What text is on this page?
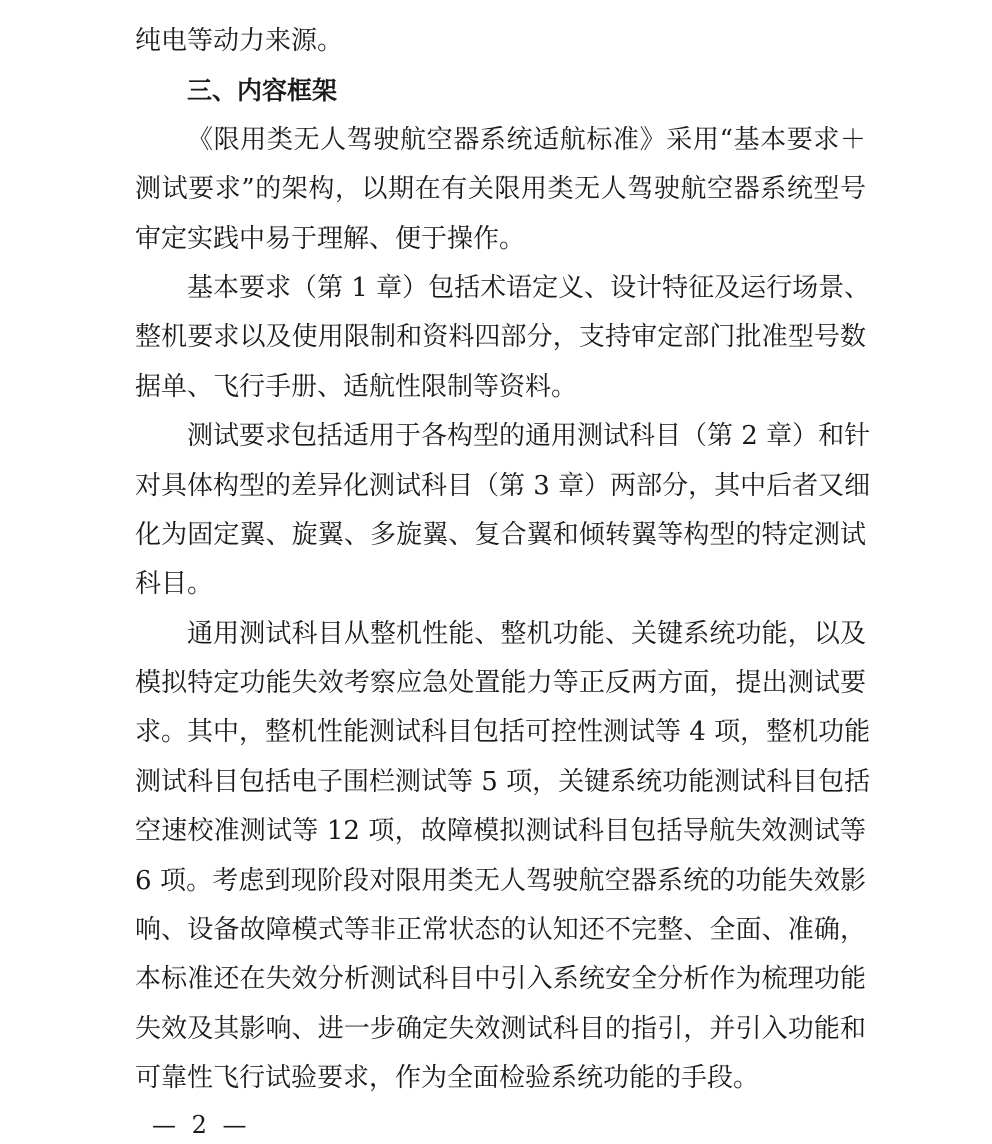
纯电等动力来源。
三、内容框架
《限用类无人驾驶航空器系统适航标准》采用“基本要求＋
测试要求”的架构，以期在有关限用类无人驾驶航空器系统型号
审定实践中易于理解、便于操作。
基本要求（第 1 章）包括术语定义、设计特征及运行场景、
整机要求以及使用限制和资料四部分，支持审定部门批准型号数
据单、飞行手册、适航性限制等资料。
测试要求包括适用于各构型的通用测试科目（第 2 章）和针
对具体构型的差异化测试科目（第 3 章）两部分，其中后者又细
化为固定翼、旋翼、多旋翼、复合翼和倾转翼等构型的特定测试
科目。
通用测试科目从整机性能、整机功能、关键系统功能，以及
模拟特定功能失效考察应急处置能力等正反两方面，提出测试要
求。其中，整机性能测试科目包括可控性测试等 4 项，整机功能
测试科目包括电子围栏测试等 5 项，关键系统功能测试科目包括
空速校准测试等 12 项，故障模拟测试科目包括导航失效测试等
6 项。考虑到现阶段对限用类无人驾驶航空器系统的功能失效影
响、设备故障模式等非正常状态的认知还不完整、全面、准确，
本标准还在失效分析测试科目中引入系统安全分析作为梳理功能
失效及其影响、进一步确定失效测试科目的指引，并引入功能和
可靠性飞行试验要求，作为全面检验系统功能的手段。
— 2 —
